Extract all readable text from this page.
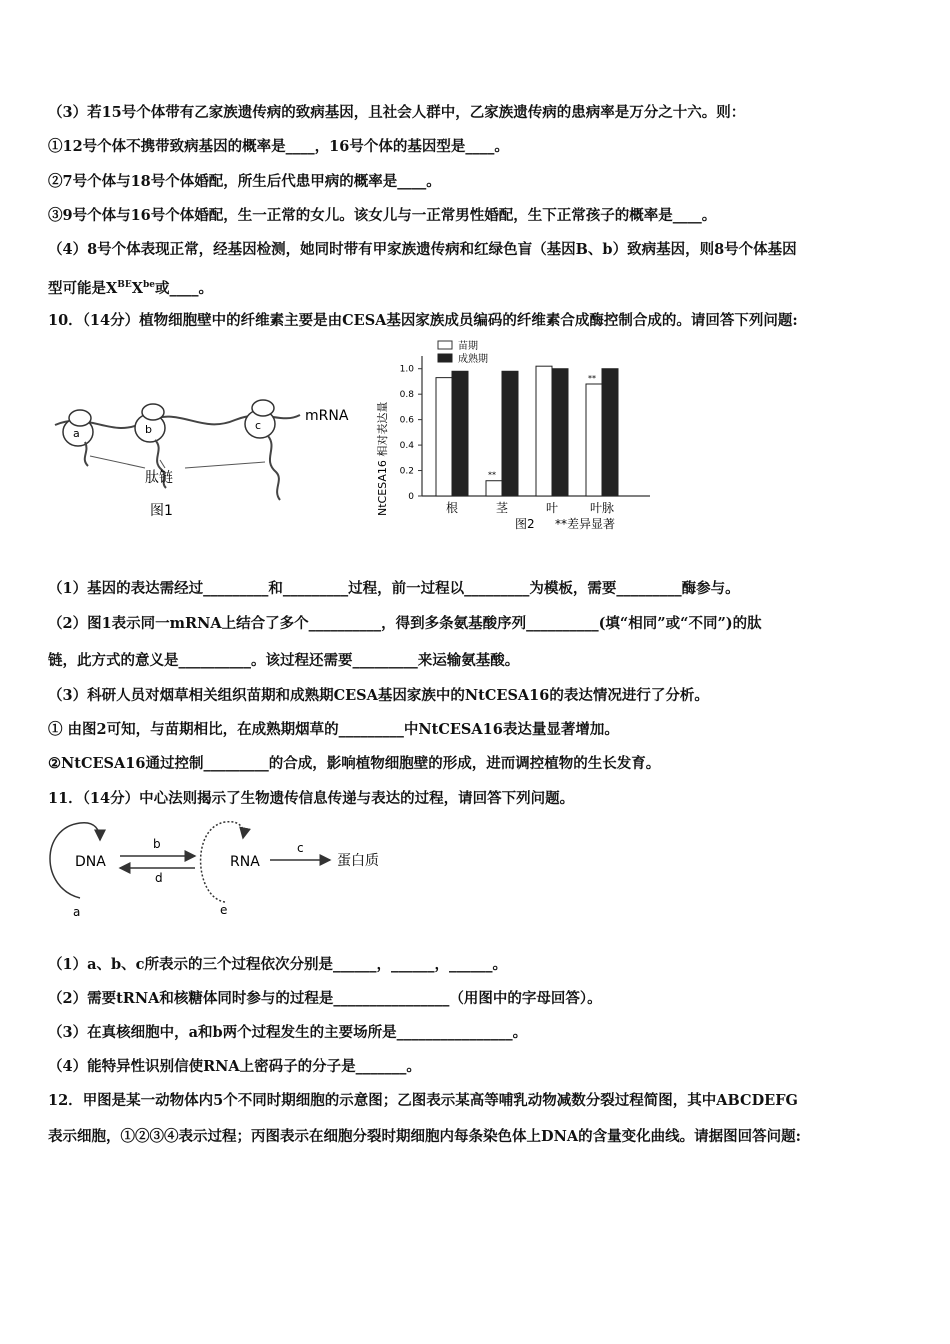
（3）若15号个体带有乙家族遗传病的致病基因，且社会人群中，乙家族遗传病的患病率是万分之十六。则：
①12号个体不携带致病基因的概率是____，16号个体的基因型是____。
②7号个体与18号个体婚配，所生后代患甲病的概率是____。
③9号个体与16号个体婚配，生一正常的女儿。该女儿与一正常男性婚配，生下正常孩子的概率是____。
（4）8号个体表现正常，经基因检测，她同时带有甲家族遗传病和红绿色盲（基因B、b）致病基因，则8号个体基因
型可能是$X^{BE}X^{be}$或____。
10．（14分）植物细胞壁中的纤维素主要是由CESA基因家族成员编码的纤维素合成酶控制合成的。请回答下列问题:
a	b	c
mRNA
肽链
图1	NtCESA16 相对表达量 0
0.2
0.4
0.6
0.8
1.0
**
**
根	茎	叶	叶脉
苗期
成熟期
图2 **差异显著
（1）基因的表达需经过_________和_________过程，前一过程以_________为模板，需要_________酶参与。
（2）图1表示同一mRNA上结合了多个__________，得到多条氨基酸序列__________(填“相同”或“不同”)的肽
链，此方式的意义是__________。该过程还需要_________来运输氨基酸。
（3）科研人员对烟草相关组织苗期和成熟期CESA基因家族中的NtCESA16的表达情况进行了分析。
① 由图2可知，与苗期相比，在成熟期烟草的_________中NtCESA16表达量显著增加。
②NtCESA16通过控制_________的合成，影响植物细胞壁的形成，进而调控植物的生长发育。
11．（14分）中心法则揭示了生物遗传信息传递与表达的过程，请回答下列问题。
DNA
a
b
d
RNA
e
c
蛋白质
（1）a、b、c所表示的三个过程依次分别是______，______，______。
（2）需要tRNA和核糖体同时参与的过程是________________（用图中的字母回答）。
（3）在真核细胞中，a和b两个过程发生的主要场所是________________。
（4）能特异性识别信使RNA上密码子的分子是_______。
12．甲图是某一动物体内5个不同时期细胞的示意图；乙图表示某高等哺乳动物减数分裂过程简图，其中ABCDEFG
表示细胞，①②③④表示过程；丙图表示在细胞分裂时期细胞内每条染色体上DNA的含量变化曲线。请据图回答问题:
